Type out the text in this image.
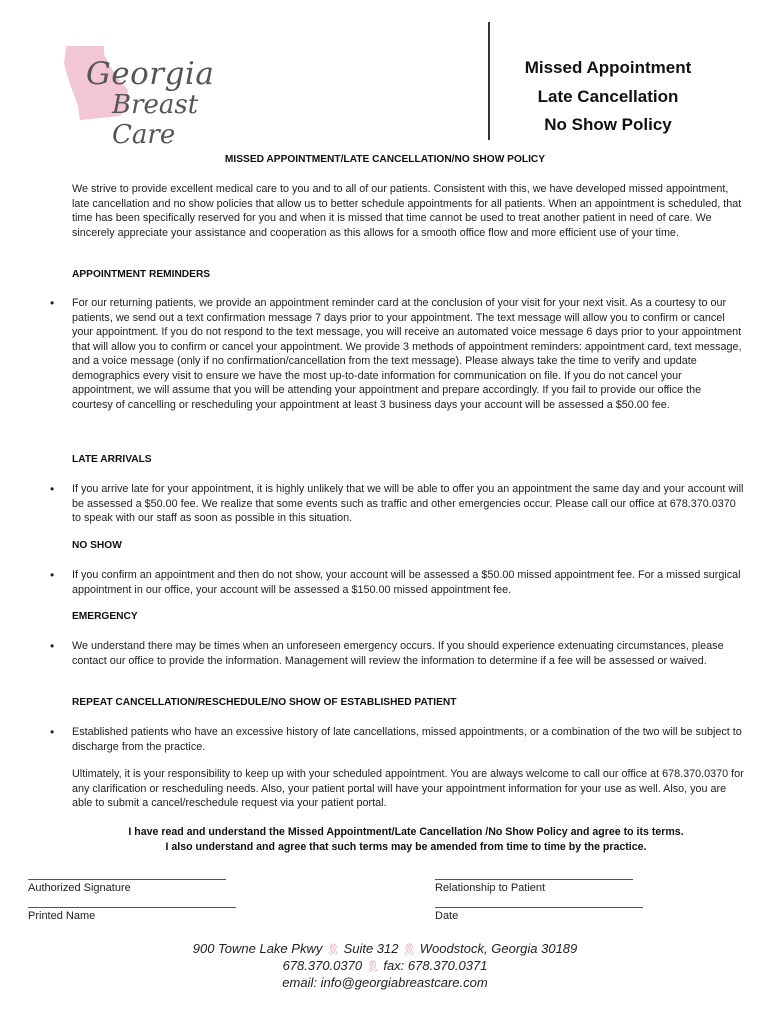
Georgia
Breast Care
Missed Appointment
Late Cancellation
No Show Policy
MISSED APPOINTMENT/LATE CANCELLATION/NO SHOW POLICY
We strive to provide excellent medical care to you and to all of our patients. Consistent with this, we have developed missed appointment, late cancellation and no show policies that allow us to better schedule appointments for all patients. When an appointment is scheduled, that time has been specifically reserved for you and when it is missed that time cannot be used to treat another patient in need of care. We sincerely appreciate your assistance and cooperation as this allows for a smooth office flow and more efficient use of your time.
APPOINTMENT REMINDERS
• For our returning patients, we provide an appointment reminder card at the conclusion of your visit for your next visit. As a courtesy to our patients, we send out a text confirmation message 7 days prior to your appointment. The text message will allow you to confirm or cancel your appointment. If you do not respond to the text message, you will receive an automated voice message 6 days prior to your appointment that will allow you to confirm or cancel your appointment. We provide 3 methods of appointment reminders: appointment card, text message, and a voice message (only if no confirmation/cancellation from the text message). Please always take the time to verify and update demographics every visit to ensure we have the most up-to-date information for communication on file. If you do not cancel your appointment, we will assume that you will be attending your appointment and prepare accordingly. If you fail to provide our office the courtesy of cancelling or rescheduling your appointment at least 3 business days your account will be assessed a $50.00 fee.
LATE ARRIVALS
• If you arrive late for your appointment, it is highly unlikely that we will be able to offer you an appointment the same day and your account will be assessed a $50.00 fee. We realize that some events such as traffic and other emergencies occur. Please call our office at 678.370.0370 to speak with our staff as soon as possible in this situation.
NO SHOW
• If you confirm an appointment and then do not show, your account will be assessed a $50.00 missed appointment fee. For a missed surgical appointment in our office, your account will be assessed a $150.00 missed appointment fee.
EMERGENCY
• We understand there may be times when an unforeseen emergency occurs. If you should experience extenuating circumstances, please contact our office to provide the information. Management will review the information to determine if a fee will be assessed or waived.
REPEAT CANCELLATION/RESCHEDULE/NO SHOW OF ESTABLISHED PATIENT
• Established patients who have an excessive history of late cancellations, missed appointments, or a combination of the two will be subject to discharge from the practice.
Ultimately, it is your responsibility to keep up with your scheduled appointment. You are always welcome to call our office at 678.370.0370 for any clarification or rescheduling needs. Also, your patient portal will have your appointment information for your use as well. Also, you are able to submit a cancel/reschedule request via your patient portal.
I have read and understand the Missed Appointment/Late Cancellation /No Show Policy and agree to its terms.
I also understand and agree that such terms may be amended from time to time by the practice.
Authorized Signature	Relationship to Patient
Printed Name	Date
900 Towne Lake Pkwy 🎗 Suite 312 🎗 Woodstock, Georgia 30189
678.370.0370 🎗 fax: 678.370.0371
email: info@georgiabreastcare.com
